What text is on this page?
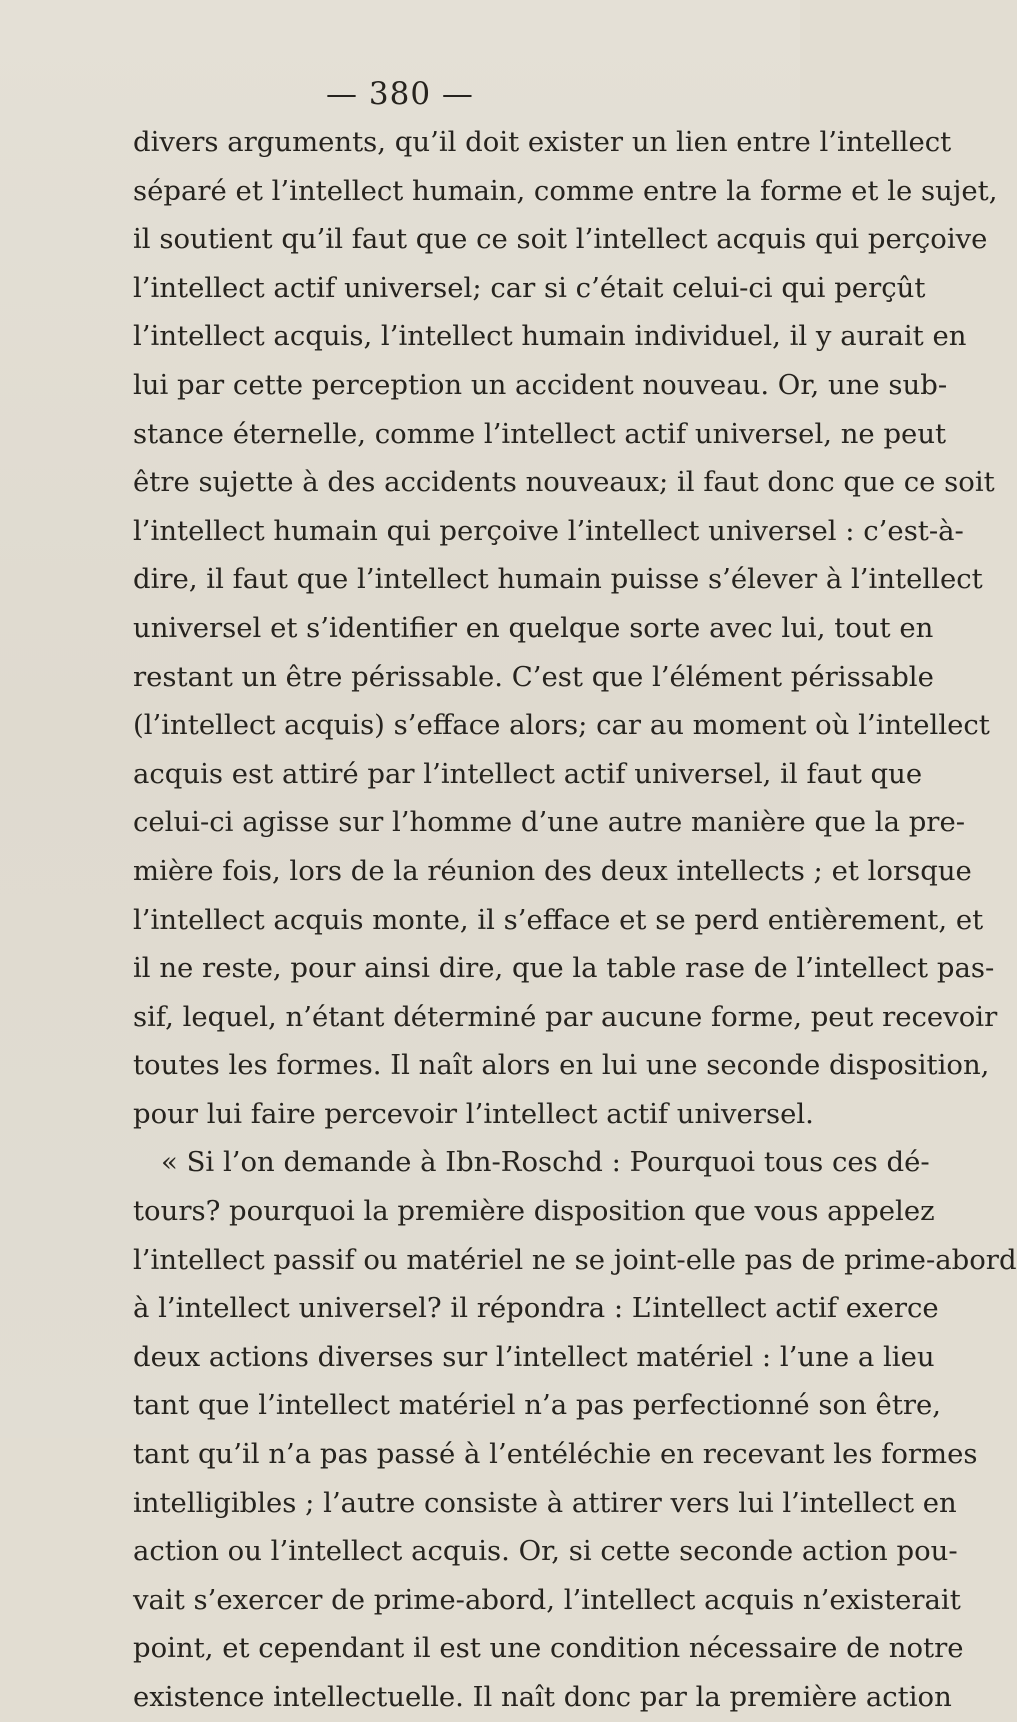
— 380 —
divers arguments, qu’il doit exister un lien entre l’intellect
séparé et l’intellect humain, comme entre la forme et le sujet,
il soutient qu’il faut que ce soit l’intellect acquis qui perçoive
l’intellect actif universel; car si c’était celui-ci qui perçût
l’intellect acquis, l’intellect humain individuel, il y aurait en
lui par cette perception un accident nouveau. Or, une sub-
stance éternelle, comme l’intellect actif universel, ne peut
être sujette à des accidents nouveaux; il faut donc que ce soit
l’intellect humain qui perçoive l’intellect universel : c’est-à-
dire, il faut que l’intellect humain puisse s’élever à l’intellect
universel et s’identifier en quelque sorte avec lui, tout en
restant un être périssable. C’est que l’élément périssable
(l’intellect acquis) s’efface alors; car au moment où l’intellect
acquis est attiré par l’intellect actif universel, il faut que
celui-ci agisse sur l’homme d’une autre manière que la pre-
mière fois, lors de la réunion des deux intellects ; et lorsque
l’intellect acquis monte, il s’efface et se perd entièrement, et
il ne reste, pour ainsi dire, que la table rase de l’intellect pas-
sif, lequel, n’étant déterminé par aucune forme, peut recevoir
toutes les formes. Il naît alors en lui une seconde disposition,
pour lui faire percevoir l’intellect actif universel.
« Si l’on demande à Ibn-Roschd : Pourquoi tous ces dé-
tours? pourquoi la première disposition que vous appelez
l’intellect passif ou matériel ne se joint-elle pas de prime-abord
à l’intellect universel? il répondra : L’intellect actif exerce
deux actions diverses sur l’intellect matériel : l’une a lieu
tant que l’intellect matériel n’a pas perfectionné son être,
tant qu’il n’a pas passé à l’entéléchie en recevant les formes
intelligibles ; l’autre consiste à attirer vers lui l’intellect en
action ou l’intellect acquis. Or, si cette seconde action pou-
vait s’exercer de prime-abord, l’intellect acquis n’existerait
point, et cependant il est une condition nécessaire de notre
existence intellectuelle. Il naît donc par la première action
